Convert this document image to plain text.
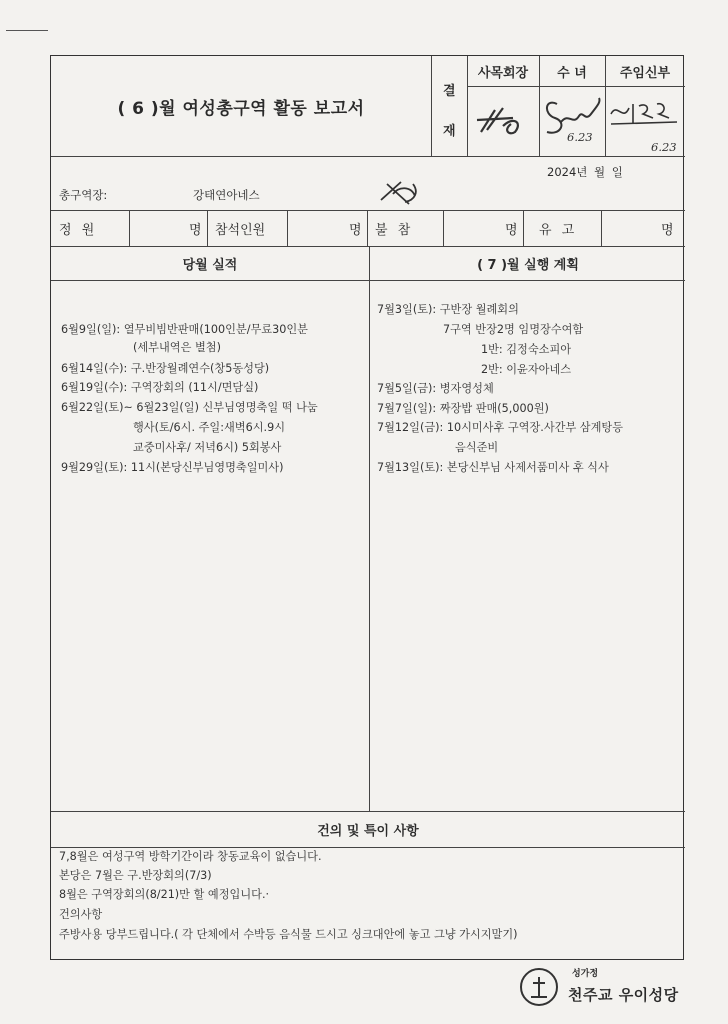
( 6 )월 여성총구역 활동 보고서
결
재
사목회장	수 녀	주임신부
6.23
6.23
2024년 월 일
총구역장:	강태연아네스
정 원	명 참석인원	명 불 참	명 유 고	명
당월 실적	( 7 )월 실행 계획
6월9일(일): 열무비빔반판매(100인분/무료30인분
(세부내역은 별첨)
6월14일(수): 구.반장월례연수(창5동성당)
6월19일(수): 구역장회의 (11시/면담실)
6월22일(토)~ 6월23일(일) 신부님영명축일 떡 나눔
행사(토/6시. 주일:새벽6시.9시
교중미사후/ 저녁6시) 5회봉사
9월29일(토): 11시(본당신부님영명축일미사)
7월3일(토): 구반장 월례회의
7구역 반장2명 임명장수여함
1반: 김정숙소피아
2반: 이윤자아네스
7월5일(금): 병자영성체
7월7일(일): 짜장밥 판매(5,000원)
7월12일(금): 10시미사후 구역장.사간부 삼계탕등
음식준비
7월13일(토): 본당신부님 사제서품미사 후 식사
건의 및 특이 사항
7,8월은 여성구역 방학기간이라 창동교육이 없습니다.
본당은 7월은 구.반장회의(7/3)
8월은 구역장회의(8/21)만 할 예정입니다.·
건의사항
주방사용 당부드립니다.( 각 단체에서 수박등 음식물 드시고 싱크대안에 놓고 그냥 가시지말기)
성가정
천주교 우이성당
